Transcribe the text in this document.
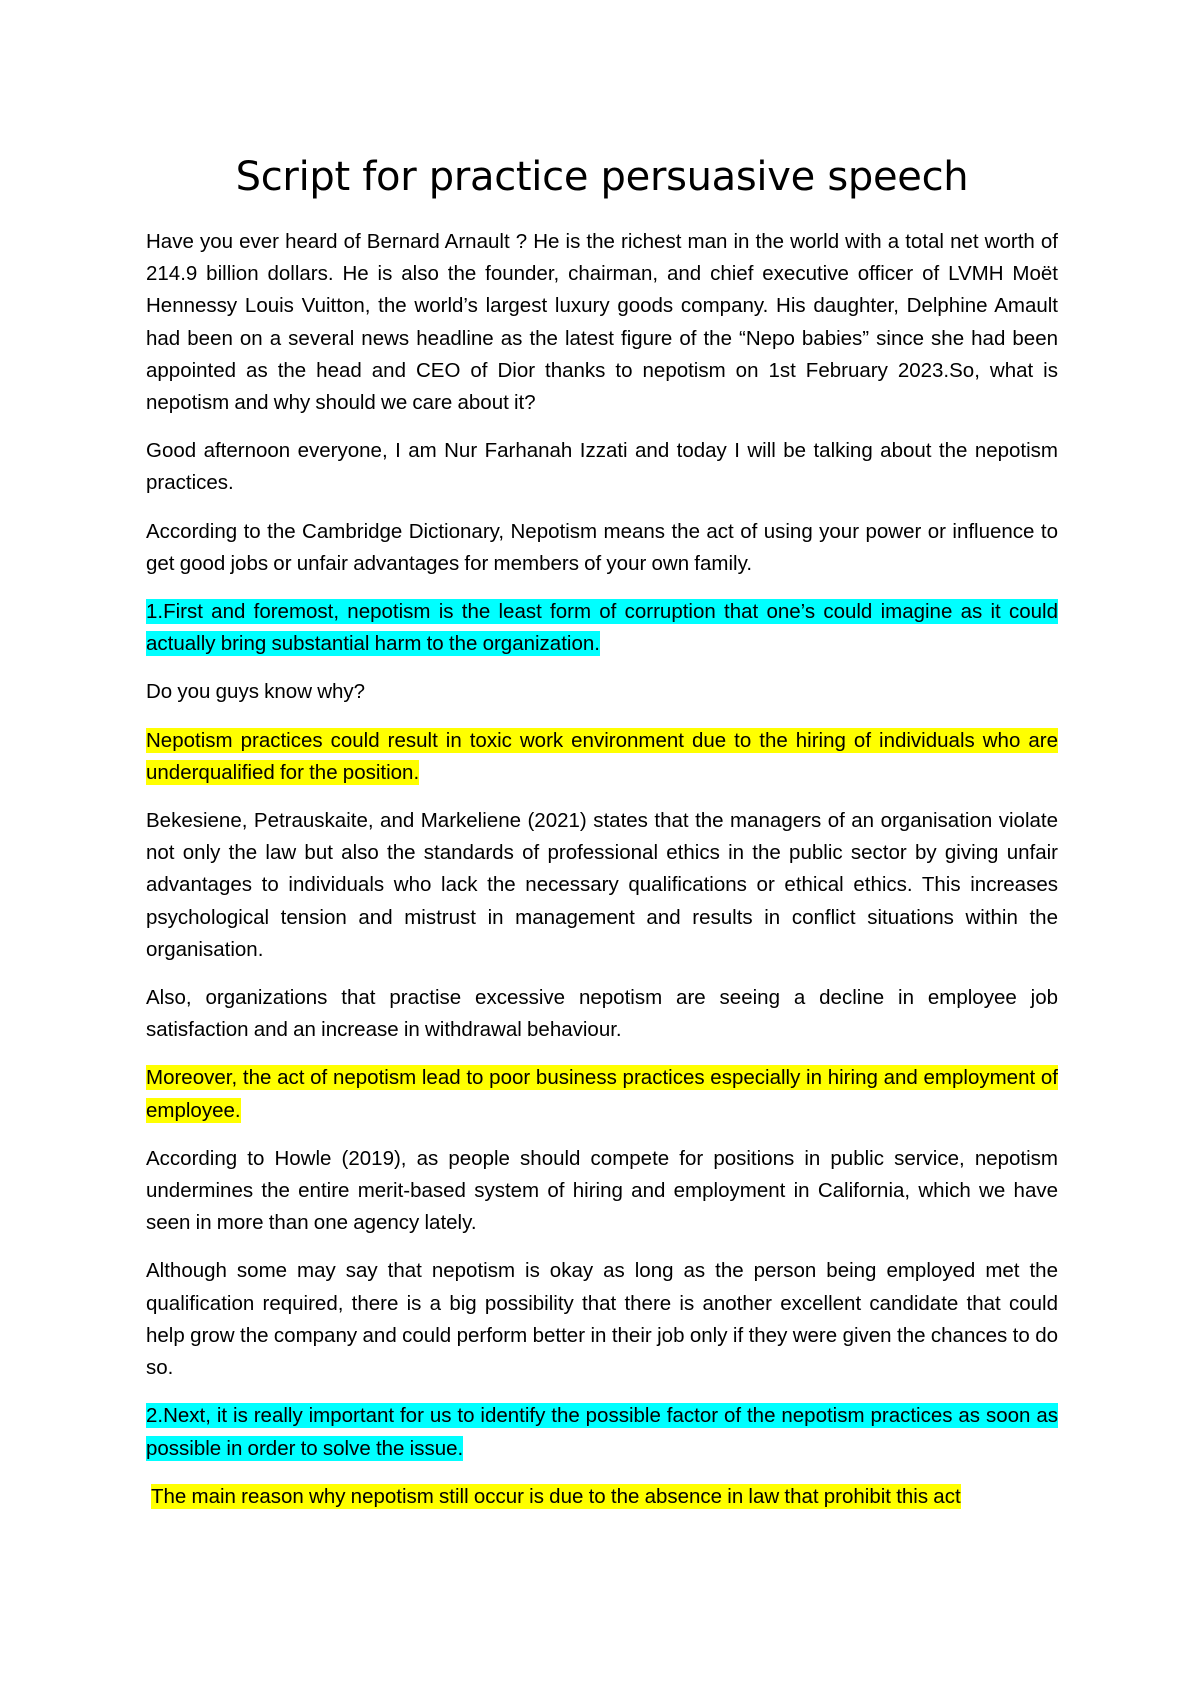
Script for practice persuasive speech

Have you ever heard of Bernard Arnault ? He is the richest man in the world with a total net worth of 214.9 billion dollars. He is also the founder, chairman, and chief executive officer of LVMH Moët Hennessy Louis Vuitton, the world’s largest luxury goods company. His daughter, Delphine Amault had been on a several news headline as the latest figure of the “Nepo babies” since she had been appointed as the head and CEO of Dior thanks to nepotism on 1st February 2023.So, what is nepotism and why should we care about it?

Good afternoon everyone, I am Nur Farhanah Izzati and today I will be talking about the nepotism practices.

According to the Cambridge Dictionary, Nepotism means the act of using your power or influence to get good jobs or unfair advantages for members of your own family.

1.First and foremost, nepotism is the least form of corruption that one’s could imagine as it could actually bring substantial harm to the organization.

Do you guys know why?

Nepotism practices could result in toxic work environment due to the hiring of individuals who are underqualified for the position.

Bekesiene, Petrauskaite, and Markeliene (2021) states that the managers of an organisation violate not only the law but also the standards of professional ethics in the public sector by giving unfair advantages to individuals who lack the necessary qualifications or ethical ethics. This increases psychological tension and mistrust in management and results in conflict situations within the organisation.

Also, organizations that practise excessive nepotism are seeing a decline in employee job satisfaction and an increase in withdrawal behaviour.

Moreover, the act of nepotism lead to poor business practices especially in hiring and employment of employee.

According to Howle (2019), as people should compete for positions in public service, nepotism undermines the entire merit-based system of hiring and employment in California, which we have seen in more than one agency lately.

Although some may say that nepotism is okay as long as the person being employed met the qualification required, there is a big possibility that there is another excellent candidate that could help grow the company and could perform better in their job only if they were given the chances to do so.

2.Next, it is really important for us to identify the possible factor of the nepotism practices as soon as possible in order to solve the issue.

The main reason why nepotism still occur is due to the absence in law that prohibit this act
